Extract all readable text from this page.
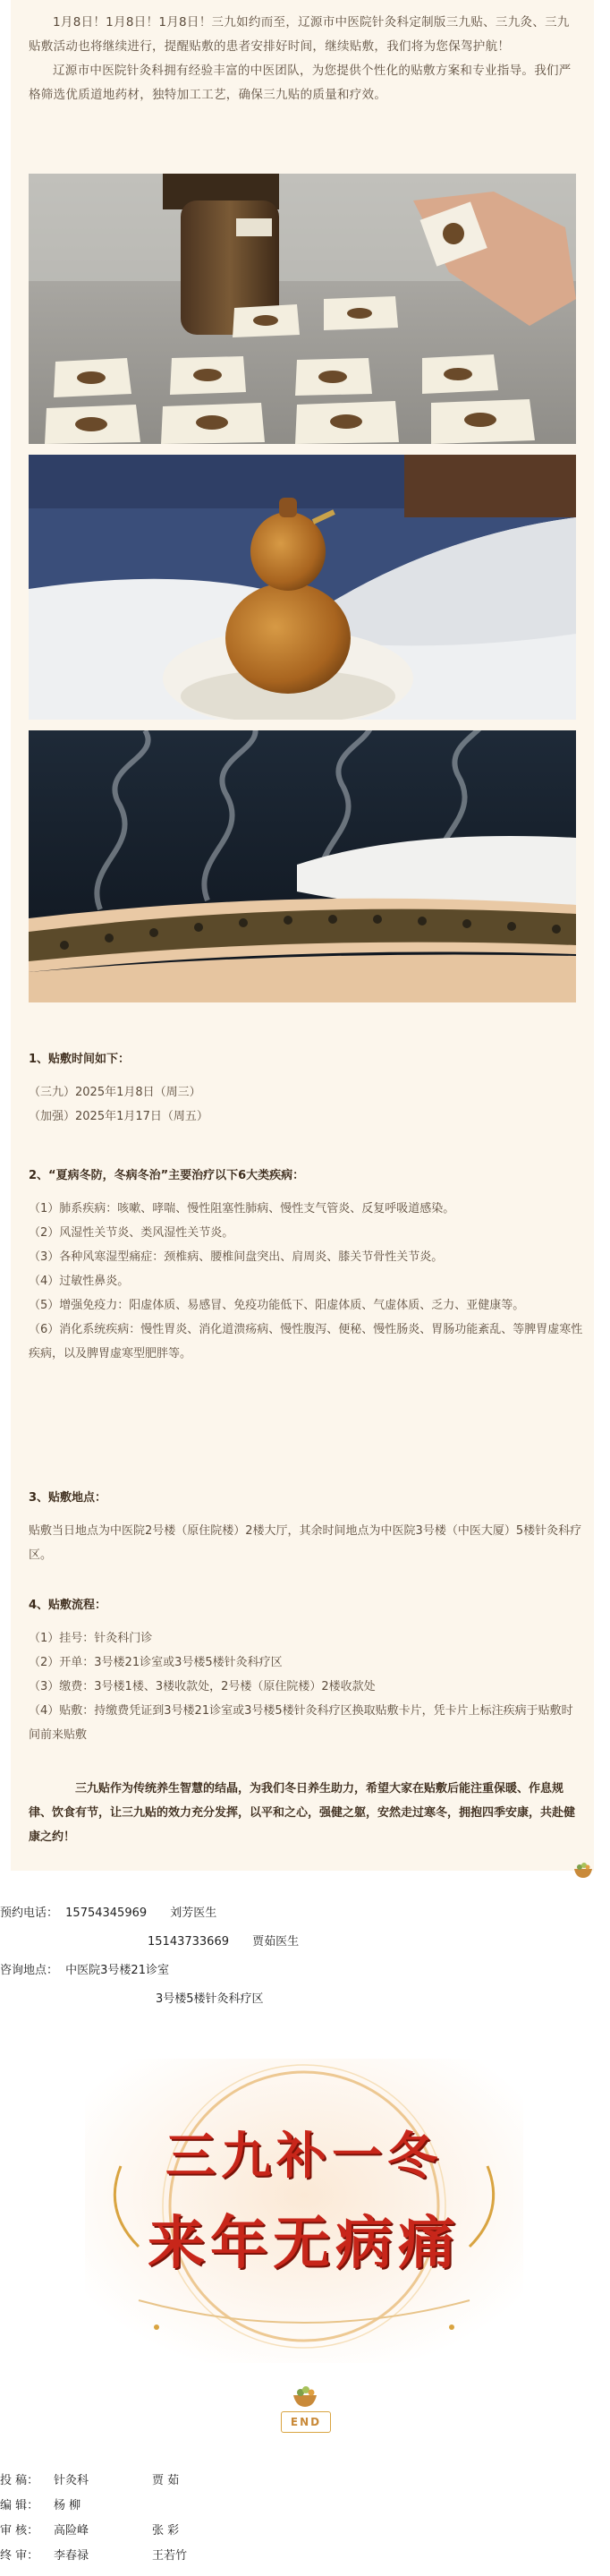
1月8日！1月8日！1月8日！三九如约而至，辽源市中医院针灸科定制版三九贴、三九灸、三九贴敷活动也将继续进行，提醒贴敷的患者安排好时间，继续贴敷，我们将为您保驾护航！

辽源市中医院针灸科拥有经验丰富的中医团队，为您提供个性化的贴敷方案和专业指导。我们严格筛选优质道地药材，独特加工工艺，确保三九贴的质量和疗效。

1、贴敷时间如下：

（三九）2025年1月8日（周三）

（加强）2025年1月17日（周五）

2、“夏病冬防，冬病冬治”主要治疗以下6大类疾病：

（1）肺系疾病：咳嗽、哮喘、慢性阻塞性肺病、慢性支气管炎、反复呼吸道感染。

（2）风湿性关节炎、类风湿性关节炎。

（3）各种风寒湿型痛症：颈椎病、腰椎间盘突出、肩周炎、膝关节骨性关节炎。

（4）过敏性鼻炎。

（5）增强免疫力：阳虚体质、易感冒、免疫功能低下、阳虚体质、气虚体质、乏力、亚健康等。

（6）消化系统疾病：慢性胃炎、消化道溃疡病、慢性腹泻、便秘、慢性肠炎、胃肠功能紊乱、等脾胃虚寒性疾病，以及脾胃虚寒型肥胖等。

3、贴敷地点：

贴敷当日地点为中医院2号楼（原住院楼）2楼大厅，其余时间地点为中医院3号楼（中医大厦）5楼针灸科疗区。

4、贴敷流程：

（1）挂号：针灸科门诊

（2）开单：3号楼21诊室或3号楼5楼针灸科疗区

（3）缴费：3号楼1楼、3楼收款处，2号楼（原住院楼）2楼收款处

（4）贴敷：持缴费凭证到3号楼21诊室或3号楼5楼针灸科疗区换取贴敷卡片，凭卡片上标注疾病于贴敷时间前来贴敷

三九贴作为传统养生智慧的结晶，为我们冬日养生助力，希望大家在贴敷后能注重保暖、作息规律、饮食有节，让三九贴的效力充分发挥，以平和之心，强健之躯，安然走过寒冬，拥抱四季安康，共赴健康之约！
预约电话： 15754345969 刘芳医生
15143733669 贾茹医生
咨询地点： 中医院3号楼21诊室
3号楼5楼针灸科疗区
三九补一冬
来年无病痛
END
投 稿： 针灸科	贾 茹
编 辑： 杨 柳
审 核： 高险峰	张 彩
终 审： 李春禄	王若竹
